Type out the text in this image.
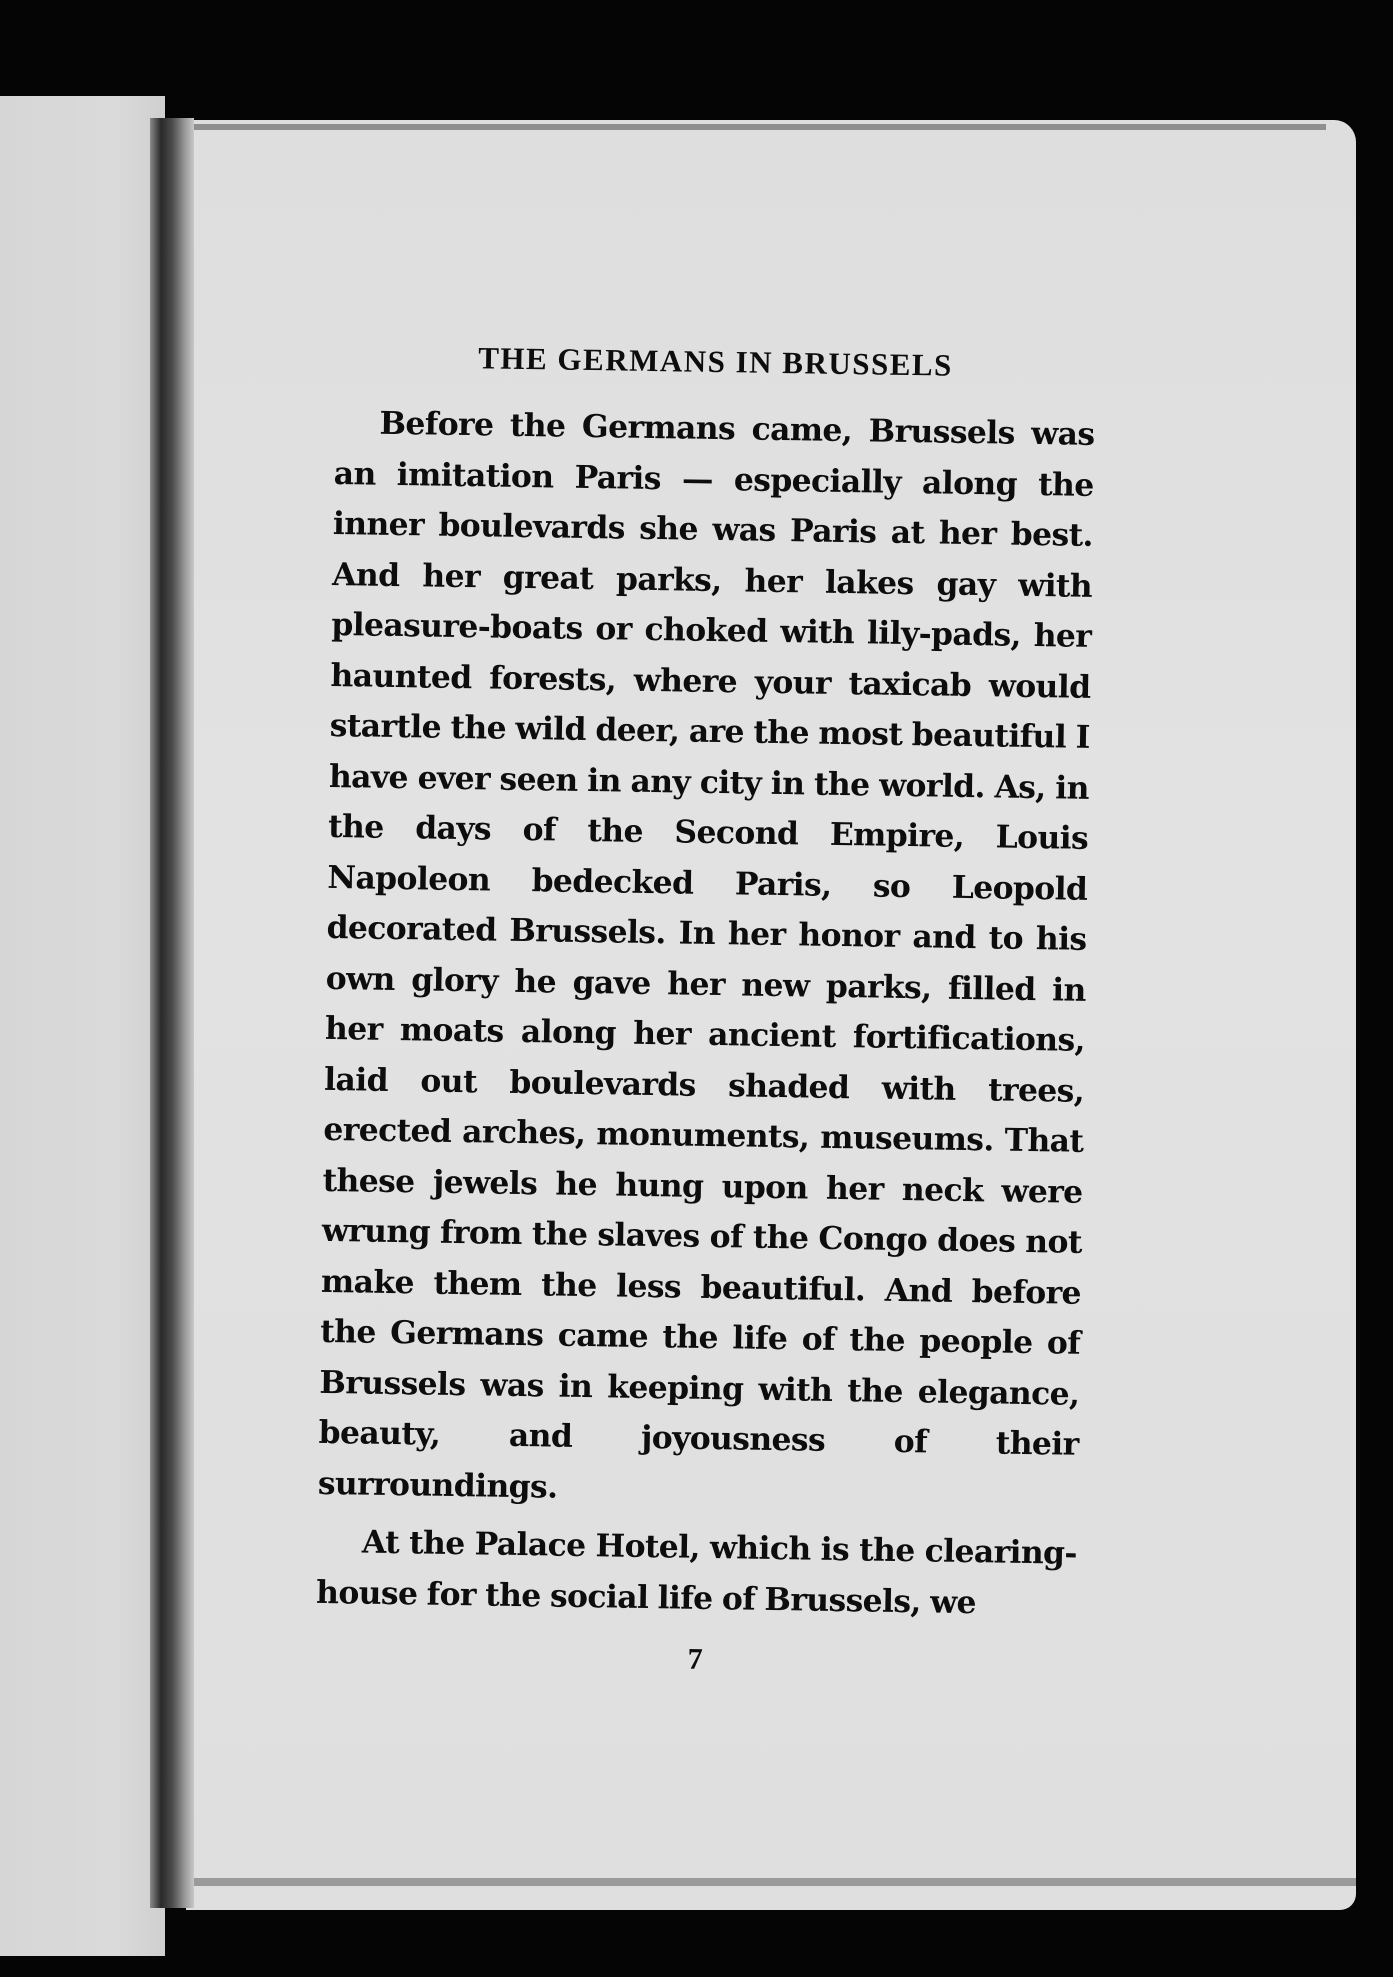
THE GERMANS IN BRUSSELS

Before the Germans came, Brussels was an imitation Paris — especially along the inner boulevards she was Paris at her best. And her great parks, her lakes gay with pleasure-boats or choked with lily-pads, her haunted forests, where your taxicab would startle the wild deer, are the most beautiful I have ever seen in any city in the world. As, in the days of the Second Empire, Louis Napoleon bedecked Paris, so Leopold decorated Brussels. In her honor and to his own glory he gave her new parks, filled in her moats along her ancient fortifications, laid out boulevards shaded with trees, erected arches, monuments, museums. That these jewels he hung upon her neck were wrung from the slaves of the Congo does not make them the less beautiful. And before the Germans came the life of the people of Brussels was in keeping with the elegance, beauty, and joyousness of their surroundings.

At the Palace Hotel, which is the clearing-house for the social life of Brussels, we

7
